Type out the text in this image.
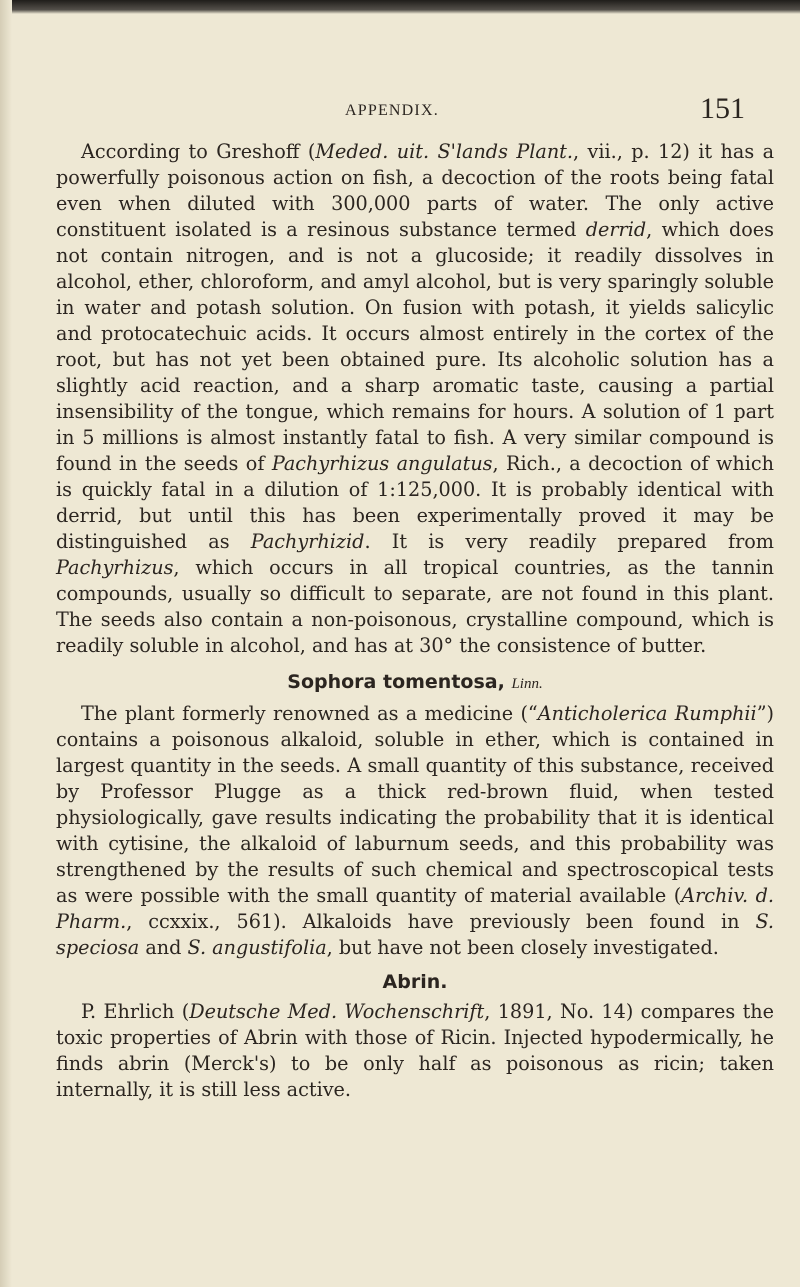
APPENDIX.	151

According to Greshoff (Meded. uit. S'lands Plant., vii., p. 12) it has a powerfully poisonous action on fish, a decoction of the roots being fatal even when diluted with 300,000 parts of water. The only active constituent isolated is a resinous substance termed derrid, which does not contain nitrogen, and is not a glucoside; it readily dissolves in alcohol, ether, chloroform, and amyl alcohol, but is very sparingly soluble in water and potash solution. On fusion with potash, it yields salicylic and protocatechuic acids. It occurs almost entirely in the cortex of the root, but has not yet been obtained pure. Its alcoholic solution has a slightly acid reaction, and a sharp aromatic taste, causing a partial insensibility of the tongue, which remains for hours. A solution of 1 part in 5 millions is almost instantly fatal to fish. A very similar compound is found in the seeds of Pachyrhizus angulatus, Rich., a decoction of which is quickly fatal in a dilution of 1:125,000. It is probably identical with derrid, but until this has been experimentally proved it may be distinguished as Pachyrhizid. It is very readily prepared from Pachyrhizus, which occurs in all tropical countries, as the tannin compounds, usually so difficult to separate, are not found in this plant. The seeds also contain a non-poisonous, crystalline compound, which is readily soluble in alcohol, and has at 30° the consistence of butter.

Sophora tomentosa, Linn.

The plant formerly renowned as a medicine (“Anticholerica Rumphii”) contains a poisonous alkaloid, soluble in ether, which is contained in largest quantity in the seeds. A small quantity of this substance, received by Professor Plugge as a thick red-brown fluid, when tested physiologically, gave results indicating the probability that it is identical with cytisine, the alkaloid of laburnum seeds, and this probability was strengthened by the results of such chemical and spectroscopical tests as were possible with the small quantity of material available (Archiv. d. Pharm., ccxxix., 561). Alkaloids have previously been found in S. speciosa and S. angustifolia, but have not been closely investigated.

Abrin.

P. Ehrlich (Deutsche Med. Wochenschrift, 1891, No. 14) compares the toxic properties of Abrin with those of Ricin. Injected hypodermically, he finds abrin (Merck's) to be only half as poisonous as ricin; taken internally, it is still less active.
